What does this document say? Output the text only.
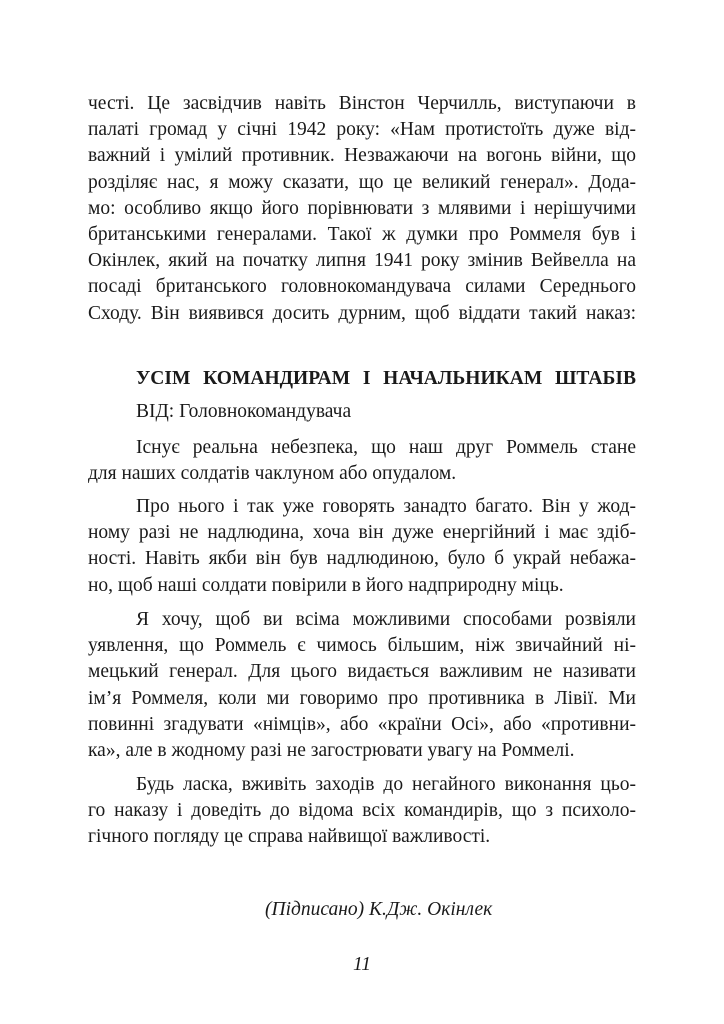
честі. Це засвідчив навіть Вінстон Черчилль, виступаючи в
палаті громад у січні 1942 року: «Нам протистоїть дуже від-
важний і умілий противник. Незважаючи на вогонь війни, що
розділяє нас, я можу сказати, що це великий генерал». Дода-
мо: особливо якщо його порівнювати з млявими і нерішучими
британськими генералами. Такої ж думки про Роммеля був і
Окінлек, який на початку липня 1941 року змінив Вейвелла на
посаді британського головнокомандувача силами Середнього
Сходу. Він виявився досить дурним, щоб віддати такий наказ:
УСІМ КОМАНДИРАМ І НАЧАЛЬНИКАМ ШТАБІВ
ВІД: Головнокомандувача
Існує реальна небезпека, що наш друг Роммель стане
для наших солдатів чаклуном або опудалом.
Про нього і так уже говорять занадто багато. Він у жод-
ному разі не надлюдина, хоча він дуже енергійний і має здіб-
ності. Навіть якби він був надлюдиною, було б украй небажа-
но, щоб наші солдати повірили в його надприродну міць.
Я хочу, щоб ви всіма можливими способами розвіяли
уявлення, що Роммель є чимось більшим, ніж звичайний ні-
мецький генерал. Для цього видається важливим не називати
ім’я Роммеля, коли ми говоримо про противника в Лівії. Ми
повинні згадувати «німців», або «країни Осі», або «противни-
ка», але в жодному разі не загострювати увагу на Роммелі.
Будь ласка, вживіть заходів до негайного виконання цьо-
го наказу і доведіть до відома всіх командирів, що з психоло-
гічного погляду це справа найвищої важливості.
(Підписано) К.Дж. Окінлек
11
